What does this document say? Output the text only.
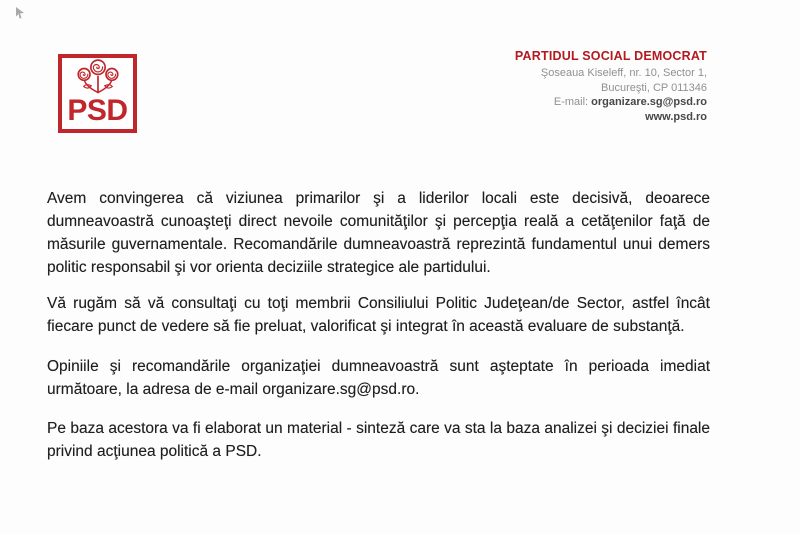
PSD
PARTIDUL SOCIAL DEMOCRAT
Şoseaua Kiseleff, nr. 10, Sector 1,
Bucureşti, CP 011346
E-mail: organizare.sg@psd.ro
www.psd.ro

Avem convingerea că viziunea primarilor şi a liderilor locali este decisivă, deoarece dumneavoastră cunoaşteţi direct nevoile comunităţilor şi percepţia reală a cetăţenilor faţă de măsurile guvernamentale. Recomandările dumneavoastră reprezintă fundamentul unui demers politic responsabil şi vor orienta deciziile strategice ale partidului.

Vă rugăm să vă consultaţi cu toţi membrii Consiliului Politic Judeţean/de Sector, astfel încât fiecare punct de vedere să fie preluat, valorificat şi integrat în această evaluare de substanţă.

Opiniile şi recomandările organizaţiei dumneavoastră sunt aşteptate în perioada imediat următoare, la adresa de e-mail organizare.sg@psd.ro.

Pe baza acestora va fi elaborat un material - sinteză care va sta la baza analizei şi deciziei finale privind acţiunea politică a PSD.
